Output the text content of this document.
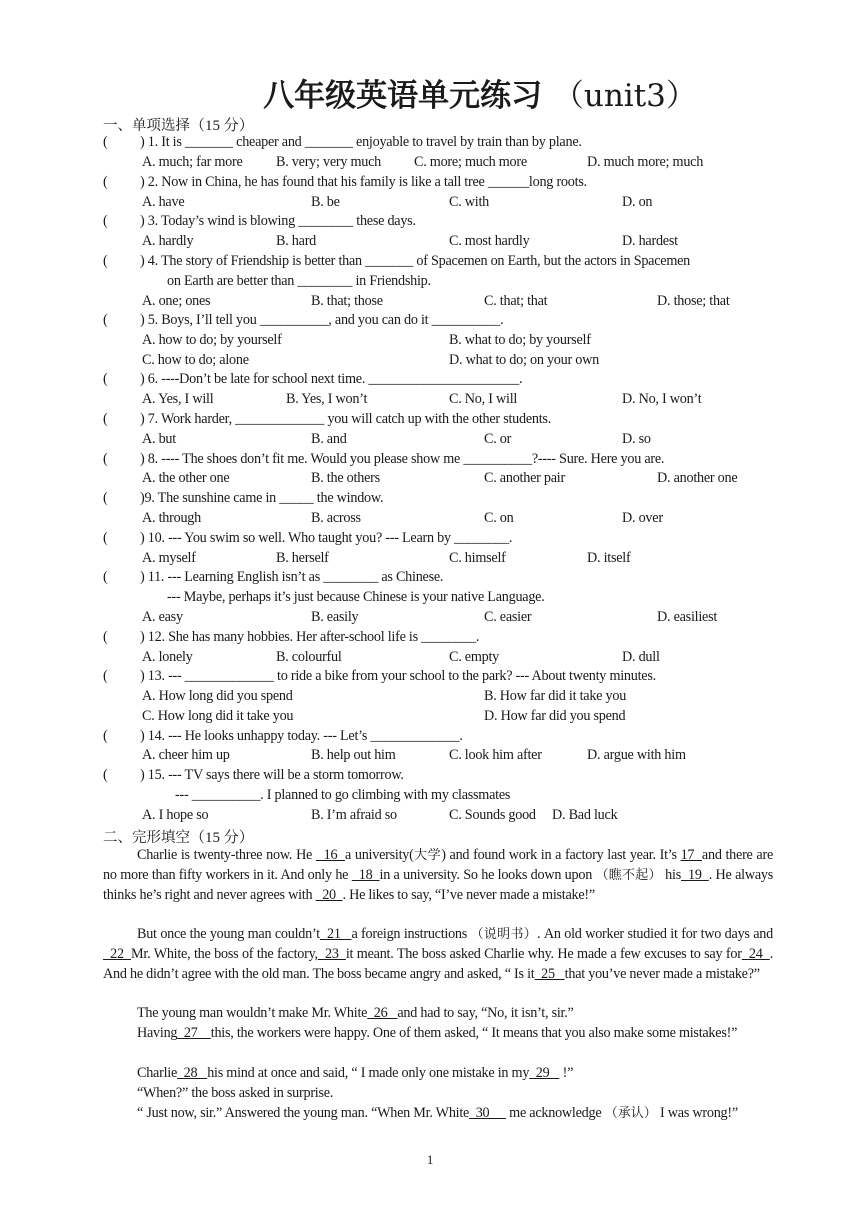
八年级英语单元练习 （unit3）
一、单项选择（15 分）
( ) 1. It is _______ cheaper and _______ enjoyable to travel by train than by plane.
A. much; far more B. very; very much C. more; much more	D. much more; much
( ) 2. Now in China, he has found that his family is like a tall tree ______long roots.
A. have	B. be	C. with	D. on
( ) 3. Today’s wind is blowing ________ these days.
A. hardly	B. hard	C. most hardly	D. hardest
( ) 4. The story of Friendship is better than _______ of Spacemen on Earth, but the actors in Spacemen
on Earth are better than ________ in Friendship.
A. one; ones	B. that; those	C. that; that	D. those; that
( ) 5. Boys, I’ll tell you __________, and you can do it __________.
A. how to do; by yourself	B. what to do; by yourself
C. how to do; alone	D. what to do; on your own
( ) 6. ----Don’t be late for school next time. ______________________.
A. Yes, I will	B. Yes, I won’t	C. No, I will	D. No, I won’t
( ) 7. Work harder, _____________ you will catch up with the other students.
A. but	B. and	C. or	D. so
( ) 8. ---- The shoes don’t fit me. Would you please show me __________?---- Sure. Here you are.
A. the other one	B. the others	C. another pair	D. another one
( )9. The sunshine came in _____ the window.
A. through	B. across	C. on	D. over
( ) 10. --- You swim so well. Who taught you? --- Learn by ________.
A. myself	B. herself	C. himself	D. itself
( ) 11. --- Learning English isn’t as ________ as Chinese.
--- Maybe, perhaps it’s just because Chinese is your native Language.
A. easy	B. easily	C. easier	D. easiliest
( ) 12. She has many hobbies. Her after-school life is ________.
A. lonely	B. colourful	C. empty	D. dull
( ) 13. --- _____________ to ride a bike from your school to the park? --- About twenty minutes.
A. How long did you spend	B. How far did it take you
C. How long did it take you	D. How far did you spend
( ) 14. --- He looks unhappy today. --- Let’s _____________.
A. cheer him up	B. help out him	C. look him after	D. argue with him
( ) 15. --- TV says there will be a storm tomorrow.
--- __________. I planned to go climbing with my classmates
A. I hope so	B. I’m afraid so	C. Sounds good D. Bad luck
二、完形填空（15 分）
Charlie is twenty-three now. He   16  a university(大学) and found work in a factory last year. It’s 17  and there are no more than fifty workers in it. And only he   18  in a university. So he looks down upon （瞧不起） his  19  . He always thinks he’s right and never agrees with   20  . He likes to say, “I’ve never made a mistake!”
But once the young man couldn’t  21   a foreign instructions （说明书）. An old worker studied it for two days and   22  Mr. White, the boss of the factory,  23  it meant. The boss asked Charlie why. He made a few excuses to say for  24  . And he didn’t agree with the old man. The boss became angry and asked, “ Is it  25   that you’ve never made a mistake?”
The young man wouldn’t make Mr. White  26   and had to say, “No, it isn’t, sir.”
Having  27    this, the workers were happy. One of them asked, “ It means that you also make some mistakes!”
Charlie  28   his mind at once and said, “ I made only one mistake in my  29    !”
“When?” the boss asked in surprise.
“ Just now, sir.” Answered the young man. “When Mr. White  30      me acknowledge （承认） I was wrong!”
1
